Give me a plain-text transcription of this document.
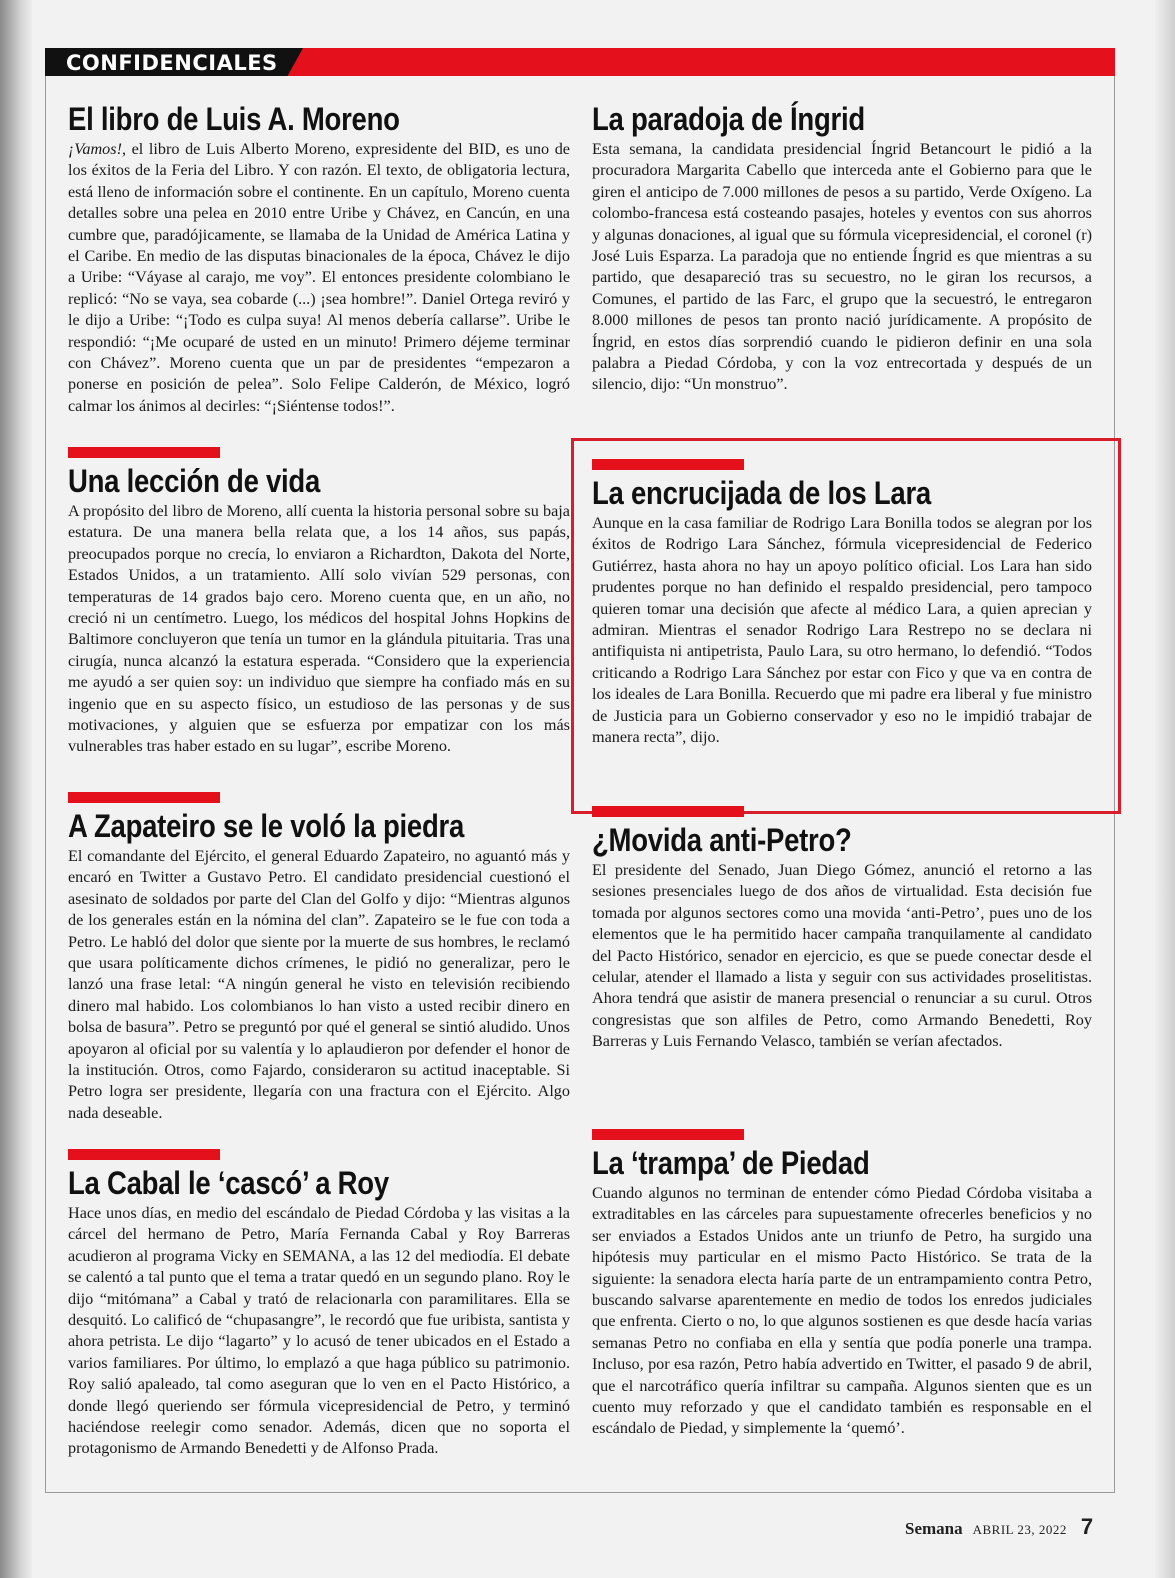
CONFIDENCIALES
El libro de Luis A. Moreno
¡Vamos!, el libro de Luis Alberto Moreno, expresidente del BID, es uno de los éxitos de la Feria del Libro. Y con razón. El texto, de obligatoria lectura, está lleno de información sobre el continente. En un capítulo, Moreno cuenta detalles sobre una pelea en 2010 entre Uribe y Chávez, en Cancún, en una cumbre que, paradójicamente, se llamaba de la Unidad de América Latina y el Caribe. En medio de las disputas binacionales de la época, Chávez le dijo a Uribe: “Váyase al carajo, me voy”. El entonces presidente colombiano le replicó: “No se vaya, sea cobarde (...) ¡sea hombre!”. Daniel Ortega reviró y le dijo a Uribe: “¡Todo es culpa suya! Al menos debería callarse”. Uribe le respondió: “¡Me ocuparé de usted en un minuto! Primero déjeme terminar con Chávez”. Moreno cuenta que un par de presidentes “empezaron a ponerse en posición de pelea”. Solo Felipe Calderón, de México, logró calmar los ánimos al decirles: “¡Siéntense todos!”.
Una lección de vida
A propósito del libro de Moreno, allí cuenta la historia personal sobre su baja estatura. De una manera bella relata que, a los 14 años, sus papás, preocupados porque no crecía, lo enviaron a Richardton, Dakota del Norte, Estados Unidos, a un tratamiento. Allí solo vivían 529 personas, con temperaturas de 14 grados bajo cero. Moreno cuenta que, en un año, no creció ni un centímetro. Luego, los médicos del hospital Johns Hopkins de Baltimore concluyeron que tenía un tumor en la glándula pituitaria. Tras una cirugía, nunca alcanzó la estatura esperada. “Considero que la experiencia me ayudó a ser quien soy: un individuo que siempre ha confiado más en su ingenio que en su aspecto físico, un estudioso de las personas y de sus motivaciones, y alguien que se esfuerza por empatizar con los más vulnerables tras haber estado en su lugar”, escribe Moreno.
A Zapateiro se le voló la piedra
El comandante del Ejército, el general Eduardo Zapateiro, no aguantó más y encaró en Twitter a Gustavo Petro. El candidato presidencial cuestionó el asesinato de soldados por parte del Clan del Golfo y dijo: “Mientras algunos de los generales están en la nómina del clan”. Zapateiro se le fue con toda a Petro. Le habló del dolor que siente por la muerte de sus hombres, le reclamó que usara políticamente dichos crímenes, le pidió no generalizar, pero le lanzó una frase letal: “A ningún general he visto en televisión recibiendo dinero mal habido. Los colombianos lo han visto a usted recibir dinero en bolsa de basura”. Petro se preguntó por qué el general se sintió aludido. Unos apoyaron al oficial por su valentía y lo aplaudieron por defender el honor de la institución. Otros, como Fajardo, consideraron su actitud inaceptable. Si Petro logra ser presidente, llegaría con una fractura con el Ejército. Algo nada deseable.
La Cabal le ‘cascó’ a Roy
Hace unos días, en medio del escándalo de Piedad Córdoba y las visitas a la cárcel del hermano de Petro, María Fernanda Cabal y Roy Barreras acudieron al programa Vicky en SEMANA, a las 12 del mediodía. El debate se calentó a tal punto que el tema a tratar quedó en un segundo plano. Roy le dijo “mitómana” a Cabal y trató de relacionarla con paramilitares. Ella se desquitó. Lo calificó de “chupasangre”, le recordó que fue uribista, santista y ahora petrista. Le dijo “lagarto” y lo acusó de tener ubicados en el Estado a varios familiares. Por último, lo emplazó a que haga público su patrimonio. Roy salió apaleado, tal como aseguran que lo ven en el Pacto Histórico, a donde llegó queriendo ser fórmula vicepresidencial de Petro, y terminó haciéndose reelegir como senador. Además, dicen que no soporta el protagonismo de Armando Benedetti y de Alfonso Prada.
La paradoja de Íngrid
Esta semana, la candidata presidencial Íngrid Betancourt le pidió a la procuradora Margarita Cabello que interceda ante el Gobierno para que le giren el anticipo de 7.000 millones de pesos a su partido, Verde Oxígeno. La colombo-francesa está costeando pasajes, hoteles y eventos con sus ahorros y algunas donaciones, al igual que su fórmula vicepresidencial, el coronel (r) José Luis Esparza. La paradoja que no entiende Íngrid es que mientras a su partido, que desapareció tras su secuestro, no le giran los recursos, a Comunes, el partido de las Farc, el grupo que la secuestró, le entregaron 8.000 millones de pesos tan pronto nació jurídicamente. A propósito de Íngrid, en estos días sorprendió cuando le pidieron definir en una sola palabra a Piedad Córdoba, y con la voz entrecortada y después de un silencio, dijo: “Un monstruo”.
La encrucijada de los Lara
Aunque en la casa familiar de Rodrigo Lara Bonilla todos se alegran por los éxitos de Rodrigo Lara Sánchez, fórmula vicepresidencial de Federico Gutiérrez, hasta ahora no hay un apoyo político oficial. Los Lara han sido prudentes porque no han definido el respaldo presidencial, pero tampoco quieren tomar una decisión que afecte al médico Lara, a quien aprecian y admiran. Mientras el senador Rodrigo Lara Restrepo no se declara ni antifiquista ni antipetrista, Paulo Lara, su otro hermano, lo defendió. “Todos criticando a Rodrigo Lara Sánchez por estar con Fico y que va en contra de los ideales de Lara Bonilla. Recuerdo que mi padre era liberal y fue ministro de Justicia para un Gobierno conservador y eso no le impidió trabajar de manera recta”, dijo.
¿Movida anti-Petro?
El presidente del Senado, Juan Diego Gómez, anunció el retorno a las sesiones presenciales luego de dos años de virtualidad. Esta decisión fue tomada por algunos sectores como una movida ‘anti-Petro’, pues uno de los elementos que le ha permitido hacer campaña tranquilamente al candidato del Pacto Histórico, senador en ejercicio, es que se puede conectar desde el celular, atender el llamado a lista y seguir con sus actividades proselitistas. Ahora tendrá que asistir de manera presencial o renunciar a su curul. Otros congresistas que son alfiles de Petro, como Armando Benedetti, Roy Barreras y Luis Fernando Velasco, también se verían afectados.
La ‘trampa’ de Piedad
Cuando algunos no terminan de entender cómo Piedad Córdoba visitaba a extraditables en las cárceles para supuestamente ofrecerles beneficios y no ser enviados a Estados Unidos ante un triunfo de Petro, ha surgido una hipótesis muy particular en el mismo Pacto Histórico. Se trata de la siguiente: la senadora electa haría parte de un entrampamiento contra Petro, buscando salvarse aparentemente en medio de todos los enredos judiciales que enfrenta. Cierto o no, lo que algunos sostienen es que desde hacía varias semanas Petro no confiaba en ella y sentía que podía ponerle una trampa. Incluso, por esa razón, Petro había advertido en Twitter, el pasado 9 de abril, que el narcotráfico quería infiltrar su campaña. Algunos sienten que es un cuento muy reforzado y que el candidato también es responsable en el escándalo de Piedad, y simplemente la ‘quemó’.
Semana ABRIL 23, 2022 7
